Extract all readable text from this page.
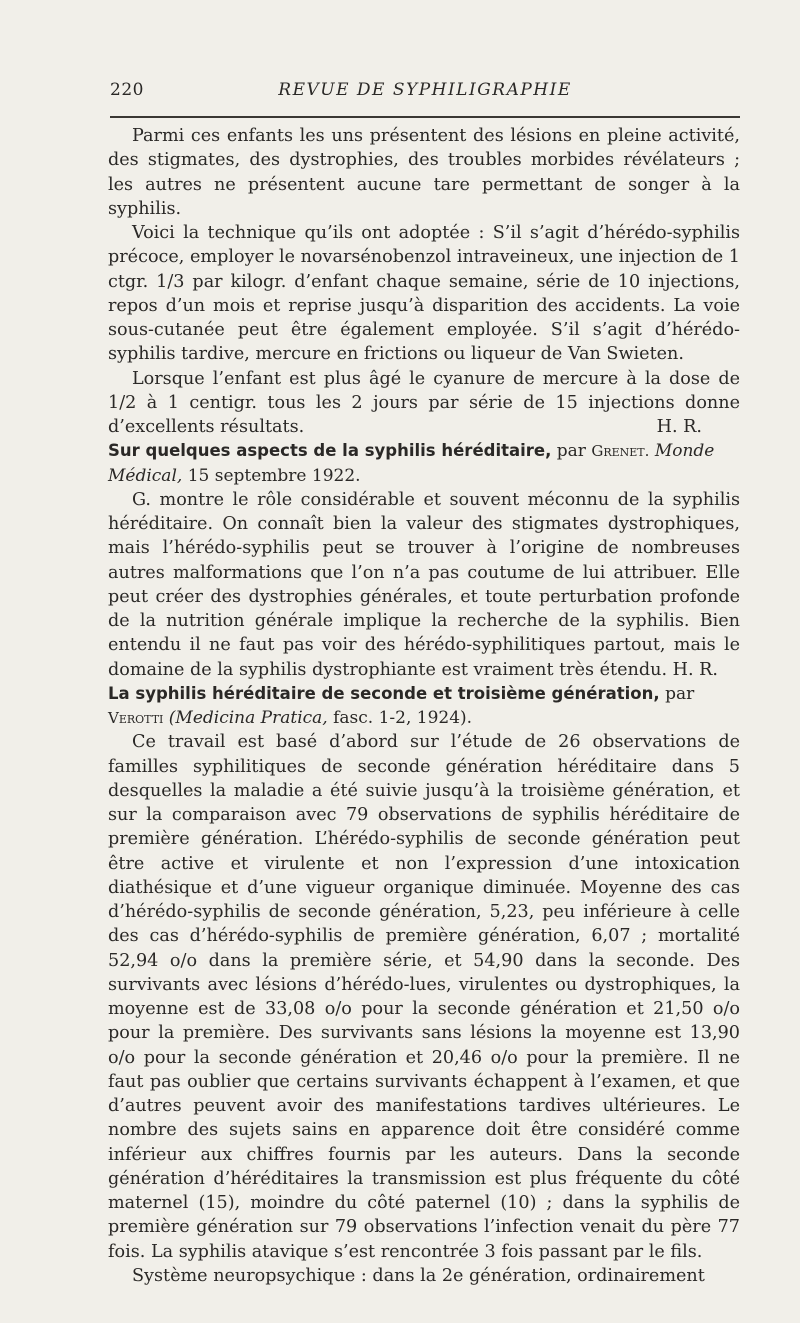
220	REVUE DE SYPHILIGRAPHIE

Parmi ces enfants les uns présentent des lésions en pleine activité, des stigmates, des dystrophies, des troubles morbides révélateurs ; les autres ne présentent aucune tare permettant de songer à la syphilis.

Voici la technique qu’ils ont adoptée : S’il s’agit d’hérédo-syphilis précoce, employer le novarsénobenzol intraveineux, une injection de 1 ctgr. 1/3 par kilogr. d’enfant chaque semaine, série de 10 injections, repos d’un mois et reprise jusqu’à disparition des accidents. La voie sous-cutanée peut être également employée. S’il s’agit d’hérédo-syphilis tardive, mercure en frictions ou liqueur de Van Swieten.

Lorsque l’enfant est plus âgé le cyanure de mercure à la dose de 1/2 à 1 centigr. tous les 2 jours par série de 15 injections donne d’excellents résultats.	H. R.

Sur quelques aspects de la syphilis héréditaire, par Grenet. Monde Médical, 15 septembre 1922.

G. montre le rôle considérable et souvent méconnu de la syphilis héréditaire. On connaît bien la valeur des stigmates dystrophiques, mais l’hérédo-syphilis peut se trouver à l’origine de nombreuses autres malformations que l’on n’a pas coutume de lui attribuer. Elle peut créer des dystrophies générales, et toute perturbation profonde de la nutrition générale implique la recherche de la syphilis. Bien entendu il ne faut pas voir des hérédo-syphilitiques partout, mais le domaine de la syphilis dystrophiante est vraiment très étendu. H. R.

La syphilis héréditaire de seconde et troisième génération, par Verotti (Medicina Pratica, fasc. 1-2, 1924).

Ce travail est basé d’abord sur l’étude de 26 observations de familles syphilitiques de seconde génération héréditaire dans 5 desquelles la maladie a été suivie jusqu’à la troisième génération, et sur la comparaison avec 79 observations de syphilis héréditaire de première génération. L’hérédo-syphilis de seconde génération peut être active et virulente et non l’expression d’une intoxication diathésique et d’une vigueur organique diminuée. Moyenne des cas d’hérédo-syphilis de seconde génération, 5,23, peu inférieure à celle des cas d’hérédo-syphilis de première génération, 6,07 ; mortalité 52,94 o/o dans la première série, et 54,90 dans la seconde. Des survivants avec lésions d’hérédo-lues, virulentes ou dystrophiques, la moyenne est de 33,08 o/o pour la seconde génération et 21,50 o/o pour la première. Des survivants sans lésions la moyenne est 13,90 o/o pour la seconde génération et 20,46 o/o pour la première. Il ne faut pas oublier que certains survivants échappent à l’examen, et que d’autres peuvent avoir des manifestations tardives ultérieures. Le nombre des sujets sains en apparence doit être considéré comme inférieur aux chiffres fournis par les auteurs. Dans la seconde génération d’héréditaires la transmission est plus fréquente du côté maternel (15), moindre du côté paternel (10) ; dans la syphilis de première génération sur 79 observations l’infection venait du père 77 fois. La syphilis atavique s’est rencontrée 3 fois passant par le fils.

Système neuropsychique : dans la 2e génération, ordinairement
